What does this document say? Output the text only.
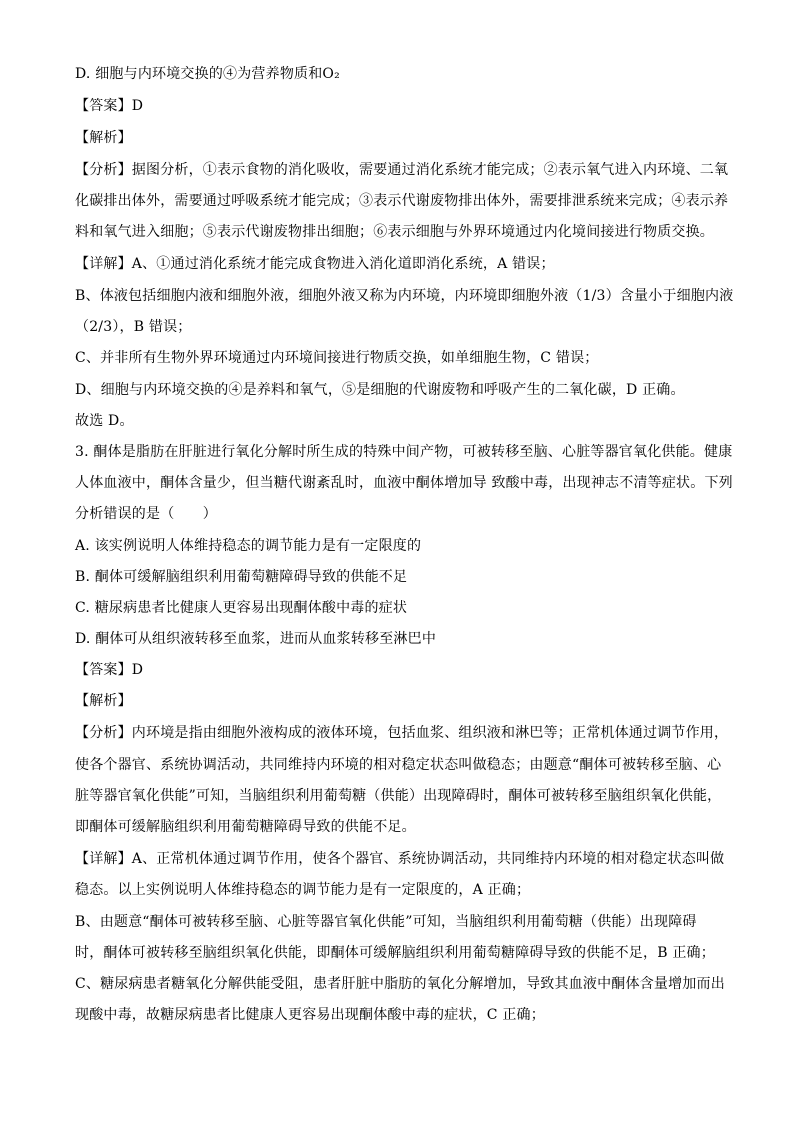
D. 细胞与内环境交换的④为营养物质和O₂
【答案】D
【解析】
【分析】据图分析，①表示食物的消化吸收，需要通过消化系统才能完成；②表示氧气进入内环境、二氧
化碳排出体外，需要通过呼吸系统才能完成；③表示代谢废物排出体外，需要排泄系统来完成；④表示养
料和氧气进入细胞；⑤表示代谢废物排出细胞；⑥表示细胞与外界环境通过内化境间接进行物质交换。
【详解】A、①通过消化系统才能完成食物进入消化道即消化系统，A 错误；
B、体液包括细胞内液和细胞外液，细胞外液又称为内环境，内环境即细胞外液（1/3）含量小于细胞内液
（2/3），B 错误；
C、并非所有生物外界环境通过内环境间接进行物质交换，如单细胞生物，C 错误；
D、细胞与内环境交换的④是养料和氧气，⑤是细胞的代谢废物和呼吸产生的二氧化碳，D 正确。
故选 D。
3. 酮体是脂肪在肝脏进行氧化分解时所生成的特殊中间产物，可被转移至脑、心脏等器官氧化供能。健康
人体血液中，酮体含量少，但当糖代谢紊乱时，血液中酮体增加导 致酸中毒，出现神志不清等症状。下列
分析错误的是（　　）
A. 该实例说明人体维持稳态的调节能力是有一定限度的
B. 酮体可缓解脑组织利用葡萄糖障碍导致的供能不足
C. 糖尿病患者比健康人更容易出现酮体酸中毒的症状
D. 酮体可从组织液转移至血浆，进而从血浆转移至淋巴中
【答案】D
【解析】
【分析】内环境是指由细胞外液构成的液体环境，包括血浆、组织液和淋巴等；正常机体通过调节作用，
使各个器官、系统协调活动，共同维持内环境的相对稳定状态叫做稳态；由题意“酮体可被转移至脑、心
脏等器官氧化供能”可知，当脑组织利用葡萄糖（供能）出现障碍时，酮体可被转移至脑组织氧化供能，
即酮体可缓解脑组织利用葡萄糖障碍导致的供能不足。
【详解】A、正常机体通过调节作用，使各个器官、系统协调活动，共同维持内环境的相对稳定状态叫做
稳态。以上实例说明人体维持稳态的调节能力是有一定限度的，A 正确；
B、由题意“酮体可被转移至脑、心脏等器官氧化供能”可知，当脑组织利用葡萄糖（供能）出现障碍
时，酮体可被转移至脑组织氧化供能，即酮体可缓解脑组织利用葡萄糖障碍导致的供能不足，B 正确；
C、糖尿病患者糖氧化分解供能受阻，患者肝脏中脂肪的氧化分解增加，导致其血液中酮体含量增加而出
现酸中毒，故糖尿病患者比健康人更容易出现酮体酸中毒的症状，C 正确；
